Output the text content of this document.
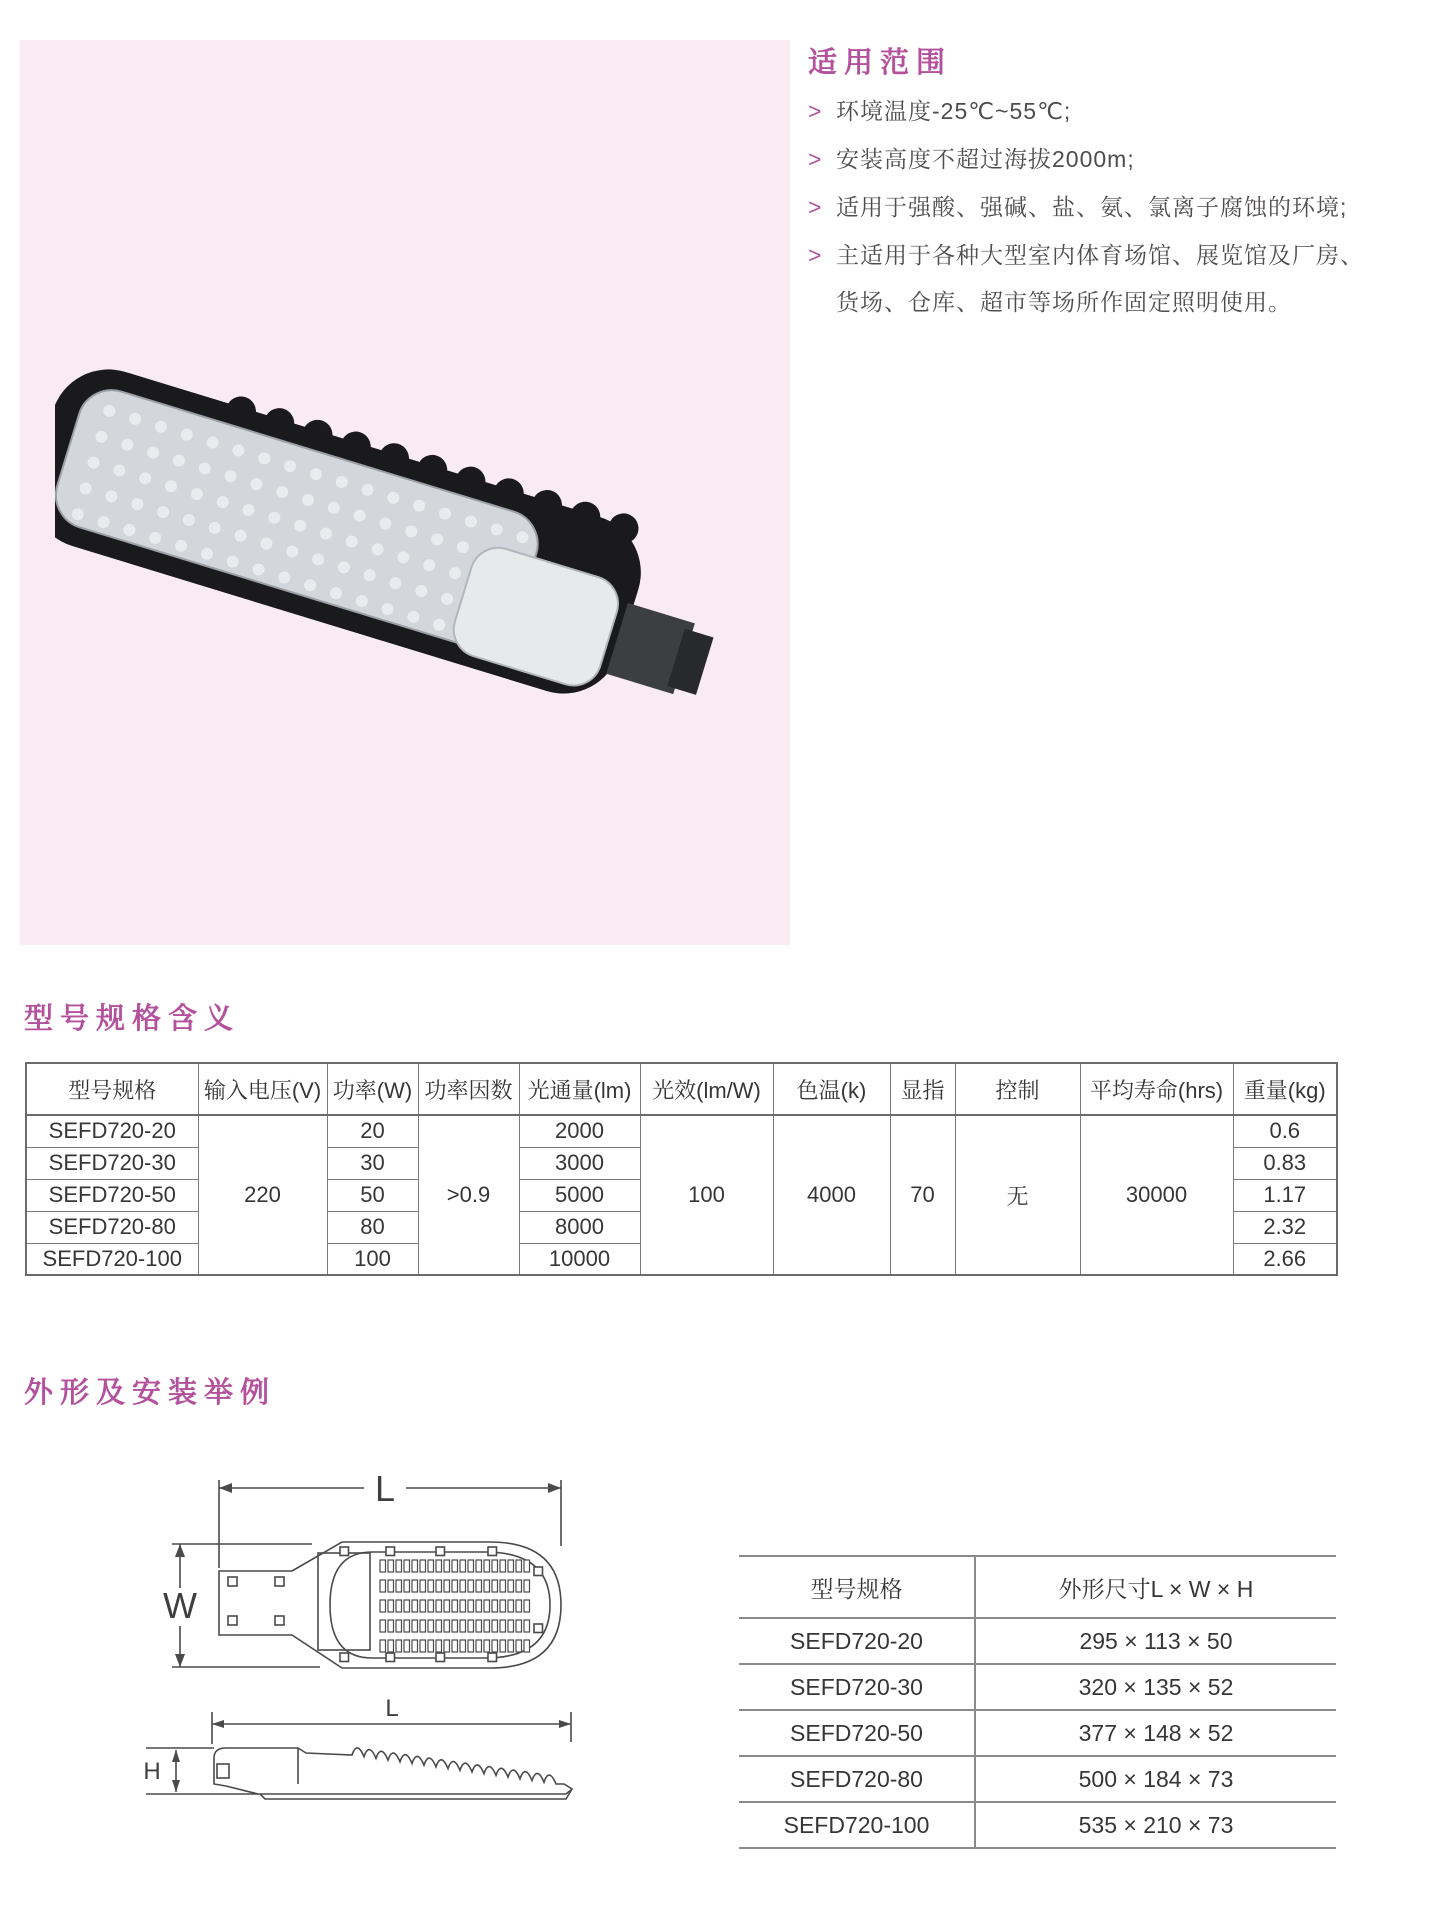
适用范围
> 环境温度-25℃~55℃;
> 安装高度不超过海拔2000m;
> 适用于强酸、强碱、盐、氨、氯离子腐蚀的环境;
> 主适用于各种大型室内体育场馆、展览馆及厂房、
货场、仓库、超市等场所作固定照明使用。
型号规格含义
型号规格	输入电压(V)	功率(W)	功率因数	光通量(lm)	光效(lm/W)	色温(k)	显指	控制	平均寿命(hrs)	重量(kg)
SEFD720-20	220	20	>0.9	2000	100	4000	70	无	30000	0.6
SEFD720-30		30		3000						0.83
SEFD720-50		50		5000						1.17
SEFD720-80		80		8000						2.32
SEFD720-100		100		10000						2.66
外形及安装举例
L
W
L
H
型号规格	外形尺寸L × W × H
SEFD720-20	295 × 113 × 50
SEFD720-30	320 × 135 × 52
SEFD720-50	377 × 148 × 52
SEFD720-80	500 × 184 × 73
SEFD720-100	535 × 210 × 73
